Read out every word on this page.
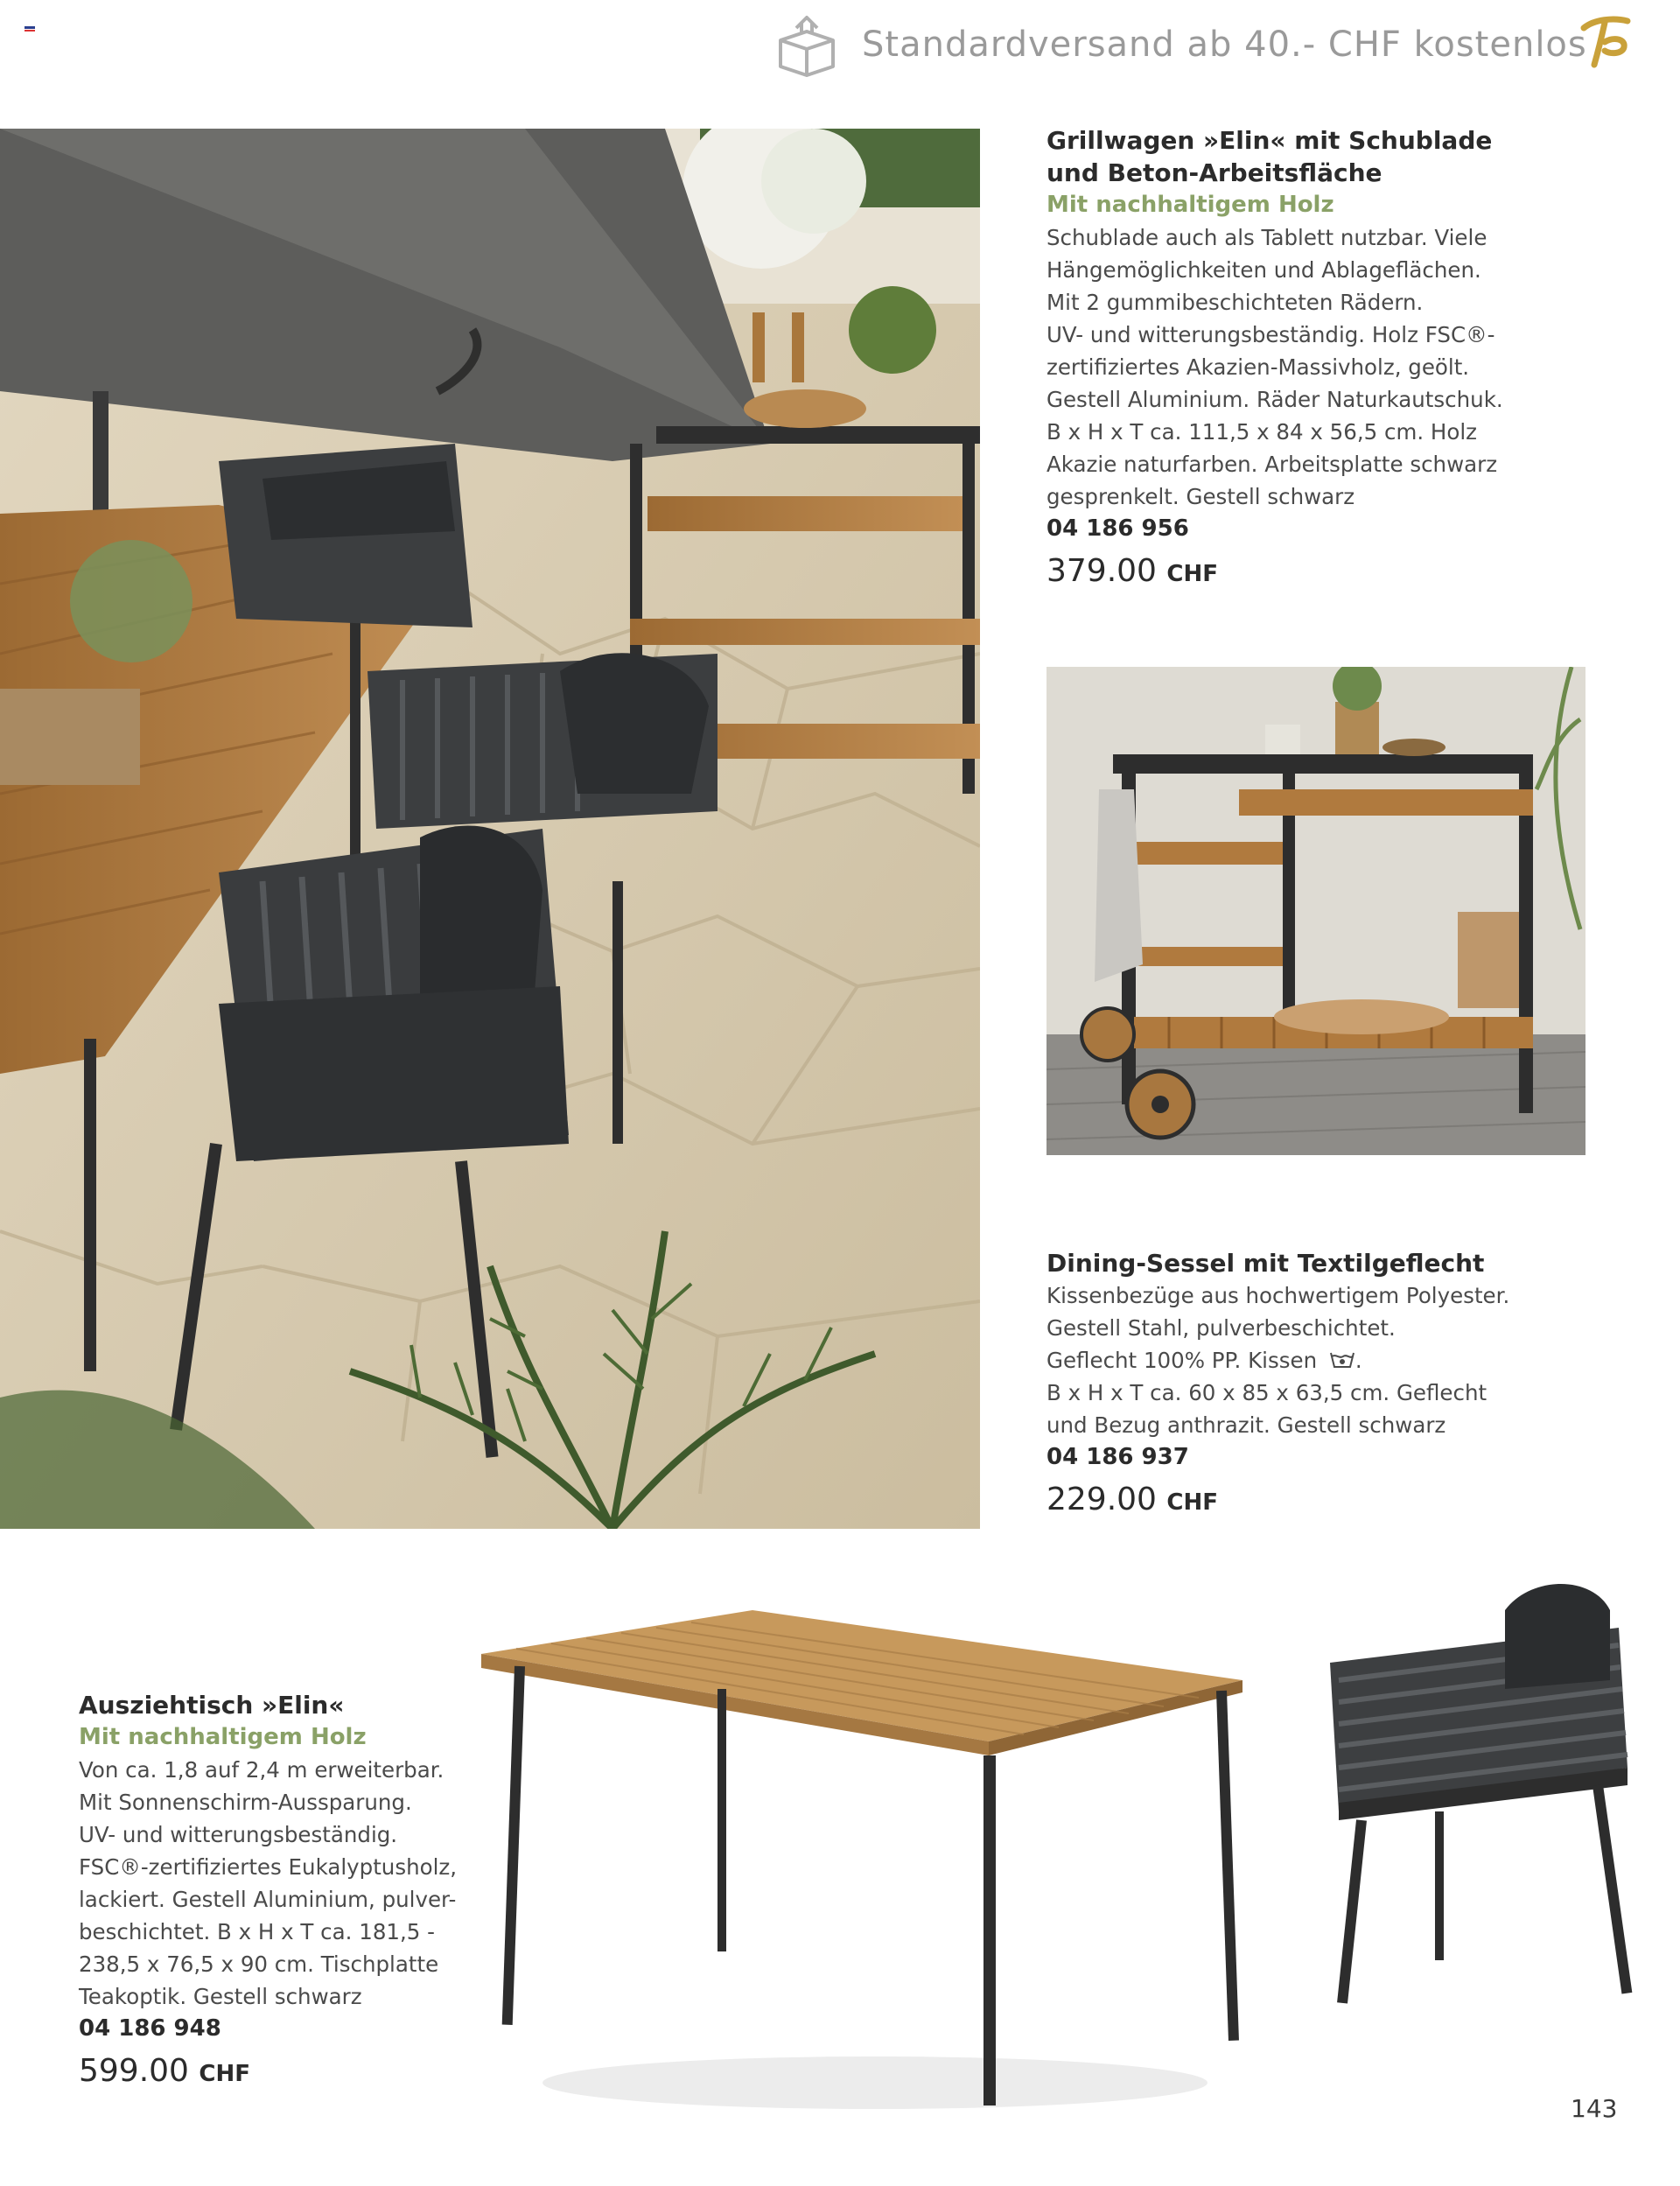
Standardversand ab 40.- CHF kostenlos
Grillwagen »Elin« mit Schublade
und Beton-Arbeitsfläche
Mit nachhaltigem Holz
Schublade auch als Tablett nutzbar. Viele
Hängemöglichkeiten und Ablageflächen.
Mit 2 gummibeschichteten Rädern.
UV- und witterungsbeständig. Holz FSC®-
zertifiziertes Akazien-Massivholz, geölt.
Gestell Aluminium. Räder Naturkautschuk.
B x H x T ca. 111,5 x 84 x 56,5 cm. Holz
Akazie naturfarben. Arbeitsplatte schwarz
gesprenkelt. Gestell schwarz
04 186 956
379.00 CHF
Dining-Sessel mit Textilgeflecht
Kissenbezüge aus hochwertigem Polyester.
Gestell Stahl, pulverbeschichtet.
Geflecht 100% PP. Kissen .
B x H x T ca. 60 x 85 x 63,5 cm. Geflecht
und Bezug anthrazit. Gestell schwarz
04 186 937
229.00 CHF
Ausziehtisch »Elin«
Mit nachhaltigem Holz
Von ca. 1,8 auf 2,4 m erweiterbar.
Mit Sonnenschirm-Aussparung.
UV- und witterungsbeständig.
FSC®-zertifiziertes Eukalyptusholz,
lackiert. Gestell Aluminium, pulver-
beschichtet. B x H x T ca. 181,5 -
238,5 x 76,5 x 90 cm. Tischplatte
Teakoptik. Gestell schwarz
04 186 948
599.00 CHF
143
